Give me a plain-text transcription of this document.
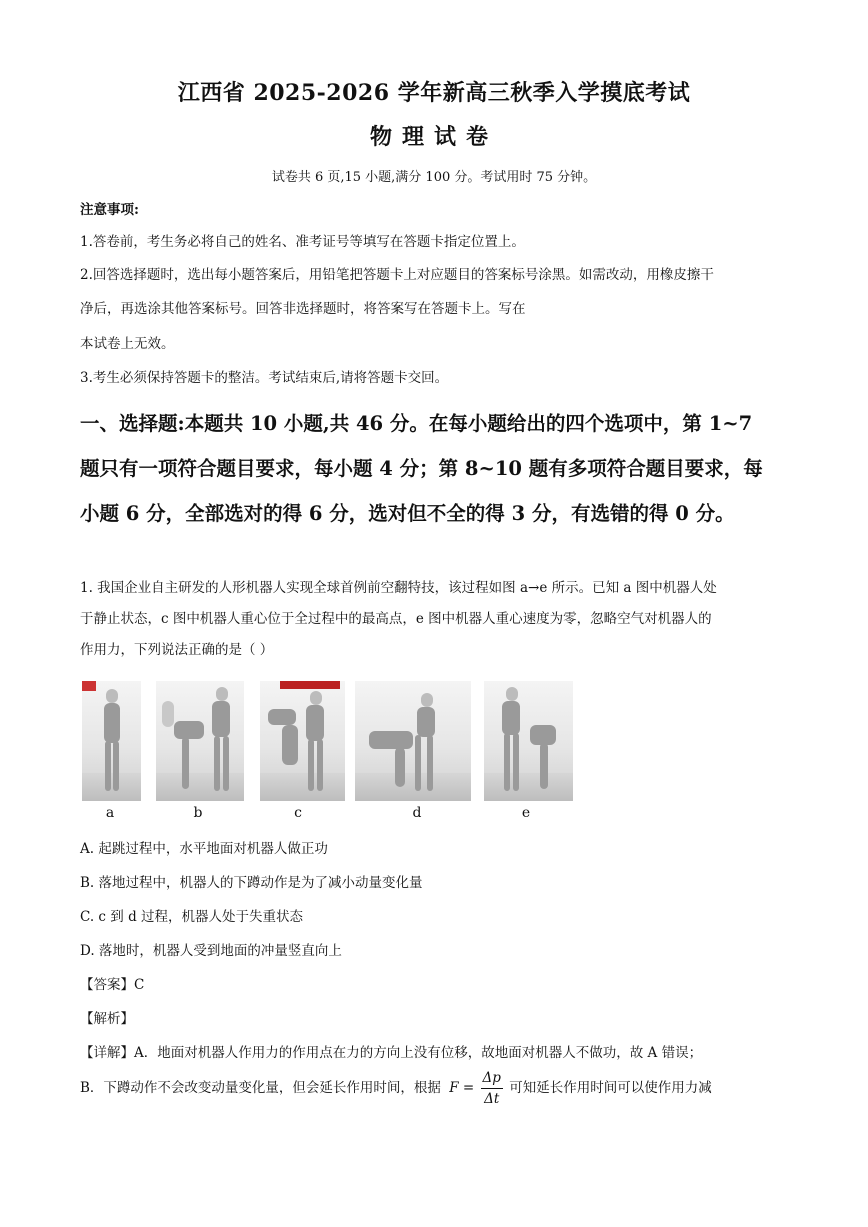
江西省 2025-2026 学年新高三秋季入学摸底考试
物理试卷
试卷共 6 页,15 小题,满分 100 分。考试用时 75 分钟。
注意事项:
1.答卷前，考生务必将自己的姓名、准考证号等填写在答题卡指定位置上。
2.回答选择题时，选出每小题答案后，用铅笔把答题卡上对应题目的答案标号涂黑。如需改动，用橡皮擦干
净后，再选涂其他答案标号。回答非选择题时，将答案写在答题卡上。写在
本试卷上无效。
3.考生必须保持答题卡的整洁。考试结束后,请将答题卡交回。
一、选择题:本题共 10 小题,共 46 分。在每小题给出的四个选项中，第 1~7
题只有一项符合题目要求，每小题 4 分；第 8~10 题有多项符合题目要求，每
小题 6 分，全部选对的得 6 分，选对但不全的得 3 分，有选错的得 0 分。
1. 我国企业自主研发的人形机器人实现全球首例前空翻特技，该过程如图 a→e 所示。已知 a 图中机器人处
于静止状态，c 图中机器人重心位于全过程中的最高点，e 图中机器人重心速度为零，忽略空气对机器人的
作用力，下列说法正确的是（ ）
a	b	c	d	e
A. 起跳过程中，水平地面对机器人做正功
B. 落地过程中，机器人的下蹲动作是为了减小动量变化量
C. c 到 d 过程，机器人处于失重状态
D. 落地时，机器人受到地面的冲量竖直向上
【答案】C
【解析】
【详解】A．地面对机器人作用力的作用点在力的方向上没有位移，故地面对机器人不做功，故 A 错误；
B．下蹲动作不会改变动量变化量，但会延长作用时间，根据 $F = \frac{\Delta p}{\Delta t}$ 可知延长作用时间可以使作用力减
